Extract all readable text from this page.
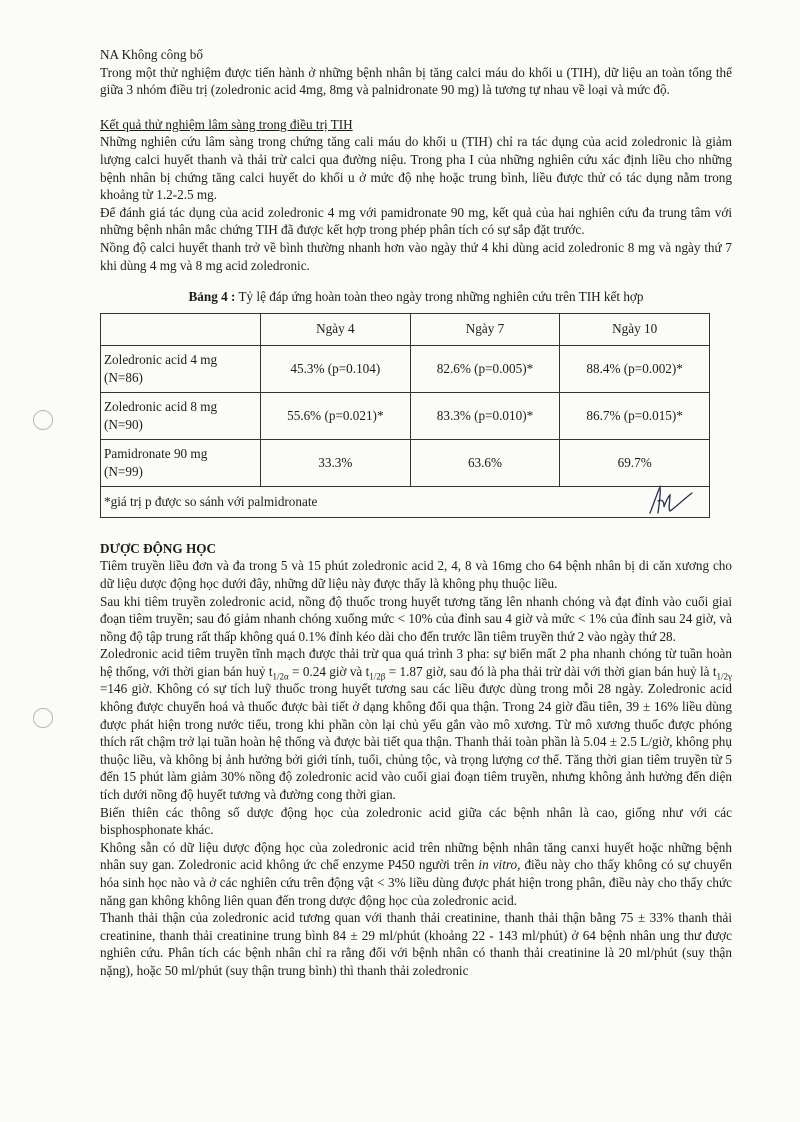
NA Không công bố

Trong một thử nghiệm được tiến hành ở những bệnh nhân bị tăng calci máu do khối u (TIH), dữ liệu an toàn tổng thể giữa 3 nhóm điều trị (zoledronic acid 4mg, 8mg và palnidronate 90 mg) là tương tự nhau về loại và mức độ.

Kết quả thử nghiệm lâm sàng trong điều trị TIH

Những nghiên cứu lâm sàng trong chứng tăng cali máu do khối u (TIH) chỉ ra tác dụng của acid zoledronic là giảm lượng calci huyết thanh và thải trừ calci qua đường niệu. Trong pha I của những nghiên cứu xác định liều cho những bệnh nhân bị chứng tăng calci huyết do khối u ở mức độ nhẹ hoặc trung bình, liều được thử có tác dụng nằm trong khoảng từ 1.2-2.5 mg.

Để đánh giá tác dụng của acid zoledronic 4 mg với pamidronate 90 mg, kết quả của hai nghiên cứu đa trung tâm với những bệnh nhân mắc chứng TIH đã được kết hợp trong phép phân tích có sự sắp đặt trước.

Nồng độ calci huyết thanh trở về bình thường nhanh hơn vào ngày thứ 4 khi dùng acid zoledronic 8 mg và ngày thứ 7 khi dùng 4 mg và 8 mg acid zoledronic.

Bảng 4 : Tỷ lệ đáp ứng hoàn toàn theo ngày trong những nghiên cứu trên TIH kết hợp
	Ngày 4	Ngày 7	Ngày 10
Zoledronic acid 4 mg
(N=86)	45.3% (p=0.104)	82.6% (p=0.005)*	88.4% (p=0.002)*
Zoledronic acid 8 mg
(N=90)	55.6% (p=0.021)*	83.3% (p=0.010)*	86.7% (p=0.015)*
Pamidronate 90 mg
(N=99)	33.3%	63.6%	69.7%

*giá trị p được so sánh với palmidronate			

DƯỢC ĐỘNG HỌC

Tiêm truyền liều đơn và đa trong 5 và 15 phút zoledronic acid 2, 4, 8 và 16mg cho 64 bệnh nhân bị di căn xương cho dữ liệu dược động học dưới đây, những dữ liệu này được thấy là không phụ thuộc liều.

Sau khi tiêm truyền zoledronic acid, nồng độ thuốc trong huyết tương tăng lên nhanh chóng và đạt đỉnh vào cuối giai đoạn tiêm truyền; sau đó giảm nhanh chóng xuống mức < 10% của đỉnh sau 4 giờ và mức < 1% của đỉnh sau 24 giờ, và nồng độ tập trung rất thấp không quá 0.1% đỉnh kéo dài cho đến trước lần tiêm truyền thứ 2 vào ngày thứ 28.

Zoledronic acid tiêm truyền tĩnh mạch được thải trừ qua quá trình 3 pha: sự biến mất 2 pha nhanh chóng từ tuần hoàn hệ thống, với thời gian bán huỷ $t_{1/2\alpha} = 0.24$ giờ và $t_{1/2\beta} = 1.87$ giờ, sau đó là pha thải trừ dài với thời gian bán huỷ là $t_{1/2\gamma} =146$ giờ. Không có sự tích luỹ thuốc trong huyết tương sau các liều được dùng trong mỗi 28 ngày. Zoledronic acid không được chuyển hoá và thuốc được bài tiết ở dạng không đổi qua thận. Trong 24 giờ đầu tiên, 39 ± 16% liều dùng được phát hiện trong nước tiểu, trong khi phần còn lại chủ yếu gắn vào mô xương. Từ mô xương thuốc được phóng thích rất chậm trở lại tuần hoàn hệ thống và được bài tiết qua thận. Thanh thải toàn phần là 5.04 ± 2.5 L/giờ, không phụ thuộc liều, và không bị ảnh hưởng bởi giới tính, tuổi, chủng tộc, và trọng lượng cơ thể. Tăng thời gian tiêm truyền từ 5 đến 15 phút làm giảm 30% nồng độ zoledronic acid vào cuối giai đoạn tiêm truyền, nhưng không ảnh hưởng đến diện tích dưới nồng độ huyết tương và đường cong thời gian.

Biến thiên các thông số dược động học của zoledronic acid giữa các bệnh nhân là cao, giống như với các bisphosphonate khác.

Không sẵn có dữ liệu dược động học của zoledronic acid trên những bệnh nhân tăng canxi huyết hoặc những bệnh nhân suy gan. Zoledronic acid không ức chế enzyme P450 người trên in vitro, điều này cho thấy không có sự chuyển hóa sinh học nào và ở các nghiên cứu trên động vật < 3% liều dùng được phát hiện trong phân, điều này cho thấy chức năng gan không không liên quan đến trong dược động học của zoledronic acid.

Thanh thải thận của zoledronic acid tương quan với thanh thải creatinine, thanh thải thận bằng 75 ± 33% thanh thải creatinine, thanh thải creatinine trung bình 84 ± 29 ml/phút (khoảng 22 - 143 ml/phút) ở 64 bệnh nhân ung thư được nghiên cứu. Phân tích các bệnh nhân chỉ ra rằng đối với bệnh nhân có thanh thải creatinine là 20 ml/phút (suy thận nặng), hoặc 50 ml/phút (suy thận trung bình) thì thanh thải zoledronic
